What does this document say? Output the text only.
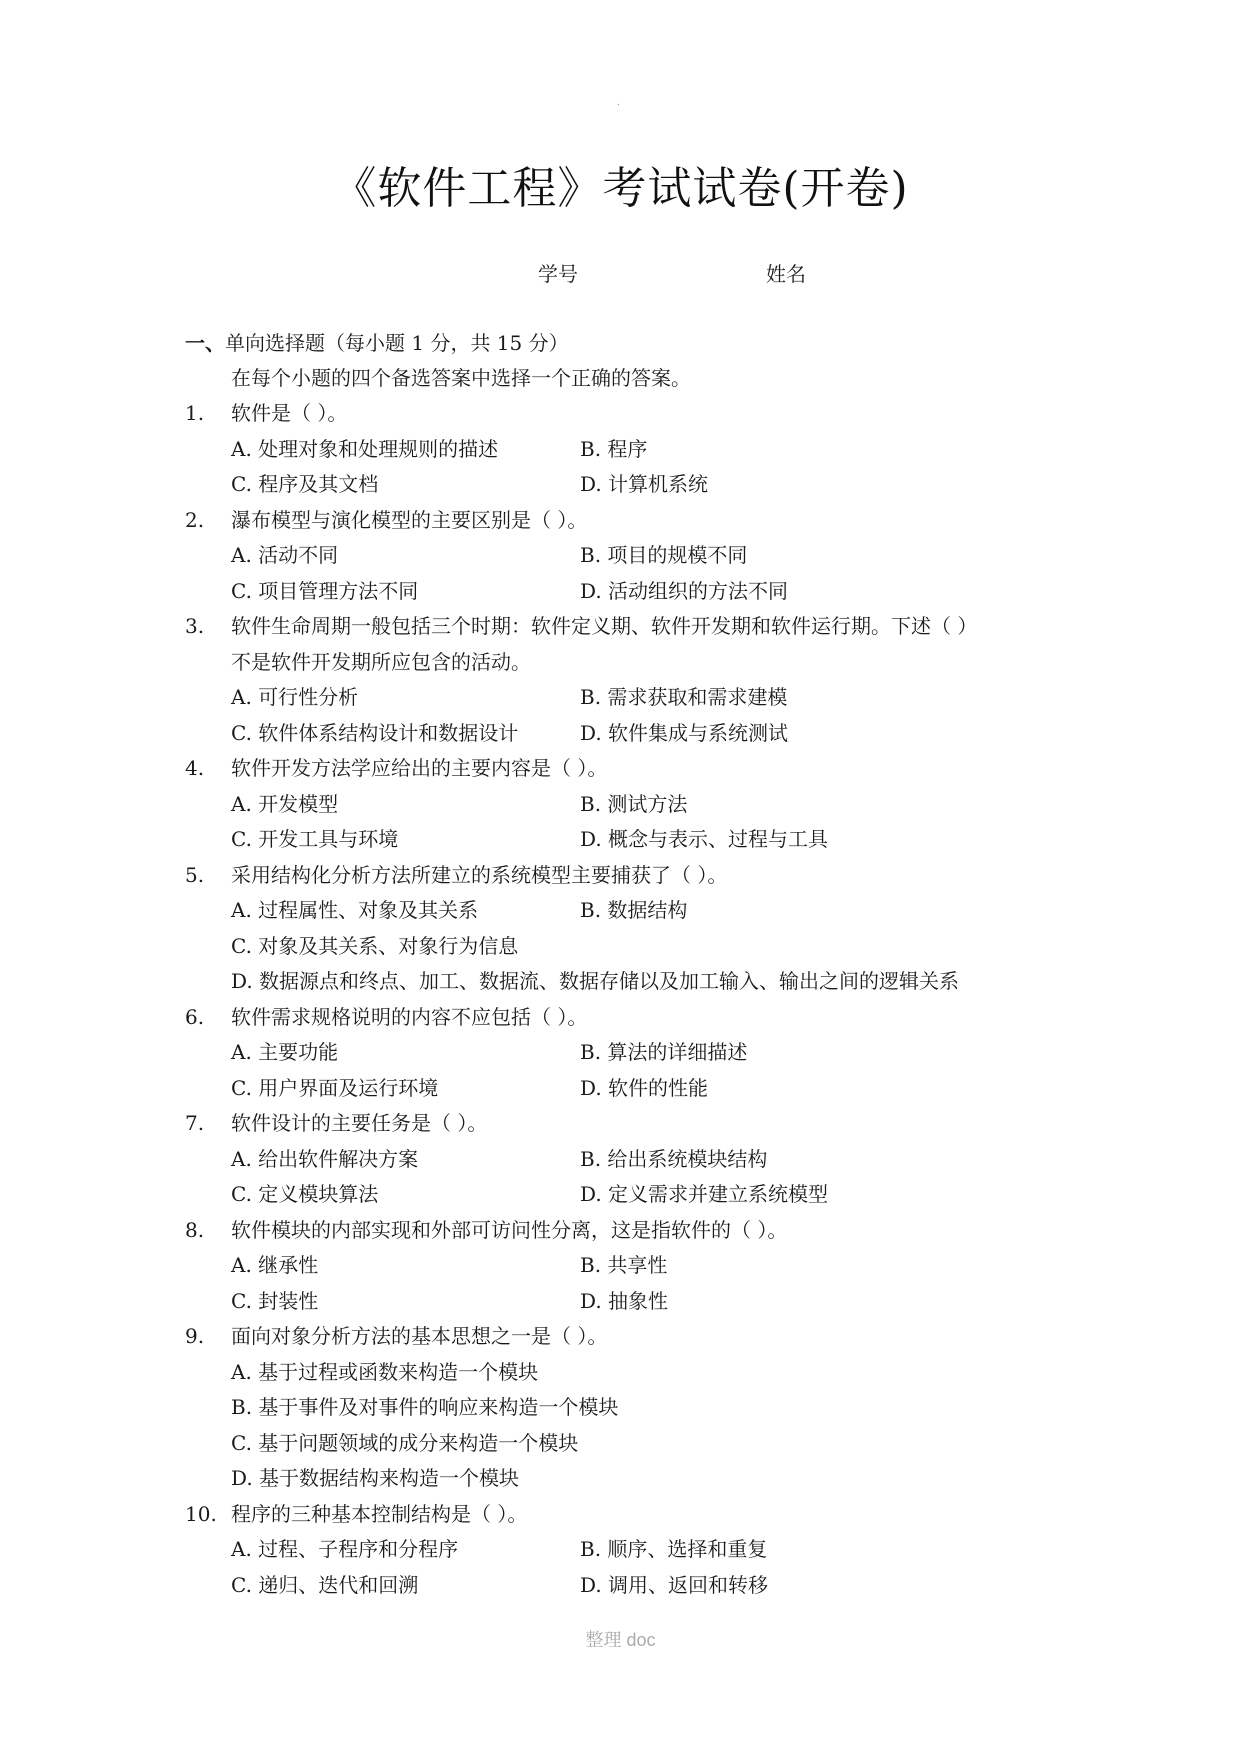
.
《软件工程》考试试卷(开卷)
学号	姓名
一、单向选择题（每小题 1 分，共 15 分）
在每个小题的四个备选答案中选择一个正确的答案。
1. 软件是（ ）。
A. 处理对象和处理规则的描述	B. 程序
C. 程序及其文档	D. 计算机系统
2. 瀑布模型与演化模型的主要区别是（ ）。
A. 活动不同	B. 项目的规模不同
C. 项目管理方法不同	D. 活动组织的方法不同
3. 软件生命周期一般包括三个时期：软件定义期、软件开发期和软件运行期。下述（ ）
不是软件开发期所应包含的活动。
A. 可行性分析	B. 需求获取和需求建模
C. 软件体系结构设计和数据设计	D. 软件集成与系统测试
4. 软件开发方法学应给出的主要内容是（ ）。
A. 开发模型	B. 测试方法
C. 开发工具与环境	D. 概念与表示、过程与工具
5. 采用结构化分析方法所建立的系统模型主要捕获了（ ）。
A. 过程属性、对象及其关系	B. 数据结构
C. 对象及其关系、对象行为信息
D. 数据源点和终点、加工、数据流、数据存储以及加工输入、输出之间的逻辑关系
6. 软件需求规格说明的内容不应包括（ ）。
A. 主要功能	B. 算法的详细描述
C. 用户界面及运行环境	D. 软件的性能
7. 软件设计的主要任务是（ ）。
A. 给出软件解决方案	B. 给出系统模块结构
C. 定义模块算法	D. 定义需求并建立系统模型
8. 软件模块的内部实现和外部可访问性分离，这是指软件的（ ）。
A. 继承性	B. 共享性
C. 封装性	D. 抽象性
9. 面向对象分析方法的基本思想之一是（ ）。
A. 基于过程或函数来构造一个模块
B. 基于事件及对事件的响应来构造一个模块
C. 基于问题领域的成分来构造一个模块
D. 基于数据结构来构造一个模块
10. 程序的三种基本控制结构是（ ）。
A. 过程、子程序和分程序	B. 顺序、选择和重复
C. 递归、迭代和回溯	D. 调用、返回和转移
整理 doc
